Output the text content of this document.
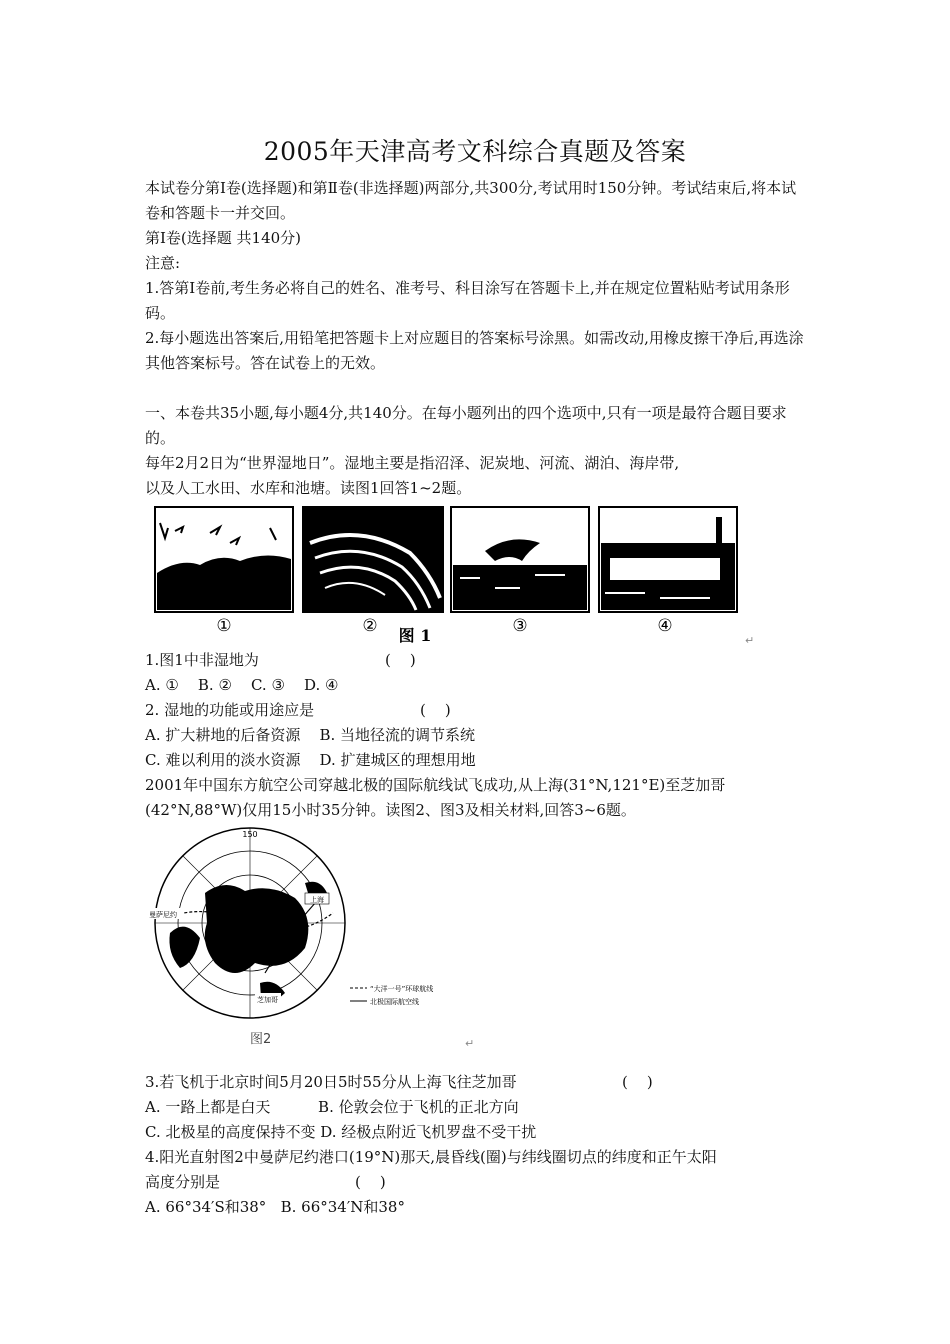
2005年天津高考文科综合真题及答案

本试卷分第Ⅰ卷(选择题)和第Ⅱ卷(非选择题)两部分,共300分,考试用时150分钟。考试结束后,将本试卷和答题卡一并交回。

第Ⅰ卷(选择题 共140分)
注意:

1.答第Ⅰ卷前,考生务必将自己的姓名、准考号、科目涂写在答题卡上,并在规定位置粘贴考试用条形码。

2.每小题选出答案后,用铅笔把答题卡上对应题目的答案标号涂黑。如需改动,用橡皮擦干净后,再选涂其他答案标号。答在试卷上的无效。

一、本卷共35小题,每小题4分,共140分。在每小题列出的四个选项中,只有一项是最符合题目要求的。

每年2月2日为“世界湿地日”。湿地主要是指沼泽、泥炭地、河流、湖泊、海岸带,
以及人工水田、水库和池塘。读图1回答1~2题。
①	②	③	④
图 1	↵
1.图1中非湿地为	(    )
A. ①    B. ②    C. ③    D. ④
2. 湿地的功能或用途应是	(    )
A. 扩大耕地的后备资源    B. 当地径流的调节系统
C. 难以利用的淡水资源    D. 扩建城区的理想用地
2001年中国东方航空公司穿越北极的国际航线试飞成功,从上海(31°N,121°E)至芝加哥
(42°N,88°W)仅用15小时35分钟。读图2、图3及相关材料,回答3~6题。
上海
150
曼萨尼约
芝加哥
“大洋一号”环球航线
北极国际航空线
图2	↵
3.若飞机于北京时间5月20日5时55分从上海飞往芝加哥	(    )
A. 一路上都是白天          B. 伦敦会位于飞机的正北方向
C. 北极星的高度保持不变 D. 经极点附近飞机罗盘不受干扰
4.阳光直射图2中曼萨尼约港口(19°N)那天,晨昏线(圈)与纬线圈切点的纬度和正午太阳
高度分别是	(    )
A. 66°34′S和38°   B. 66°34′N和38°
